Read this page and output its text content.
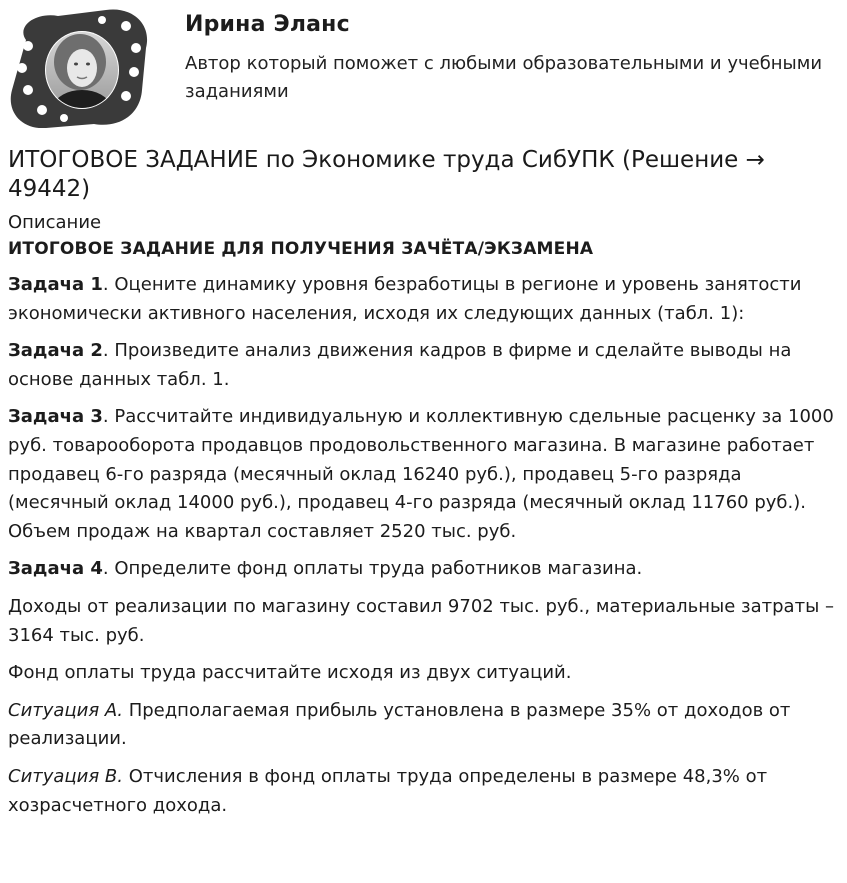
Ирина Эланс
Автор который поможет с любыми образовательными и учебными заданиями
ИТОГОВОЕ ЗАДАНИЕ по Экономике труда СибУПК (Решение → 49442)
Описание
ИТОГОВОЕ ЗАДАНИЕ ДЛЯ ПОЛУЧЕНИЯ ЗАЧЁТА/ЭКЗАМЕНА

Задача 1. Оцените динамику уровня безработицы в регионе и уровень занятости экономически активного населения, исходя их следующих данных (табл. 1):

Задача 2. Произведите анализ движения кадров в фирме и сделайте выводы на основе данных табл. 1.

Задача 3. Рассчитайте индивидуальную и коллективную сдельные расценку за 1000 руб. товарооборота продавцов продовольственного магазина. В магазине работает продавец 6-го разряда (месячный оклад 16240 руб.), продавец 5-го разряда (месячный оклад 14000 руб.), продавец 4-го разряда (месячный оклад 11760 руб.). Объем продаж на квартал составляет 2520 тыс. руб.

Задача 4. Определите фонд оплаты труда работников магазина.

Доходы от реализации по магазину составил 9702 тыс. руб., материальные затраты – 3164 тыс. руб.

Фонд оплаты труда рассчитайте исходя из двух ситуаций.

Ситуация А. Предполагаемая прибыль установлена в размере 35% от доходов от реализации.

Ситуация В. Отчисления в фонд оплаты труда определены в размере 48,3% от хозрасчетного дохода.
